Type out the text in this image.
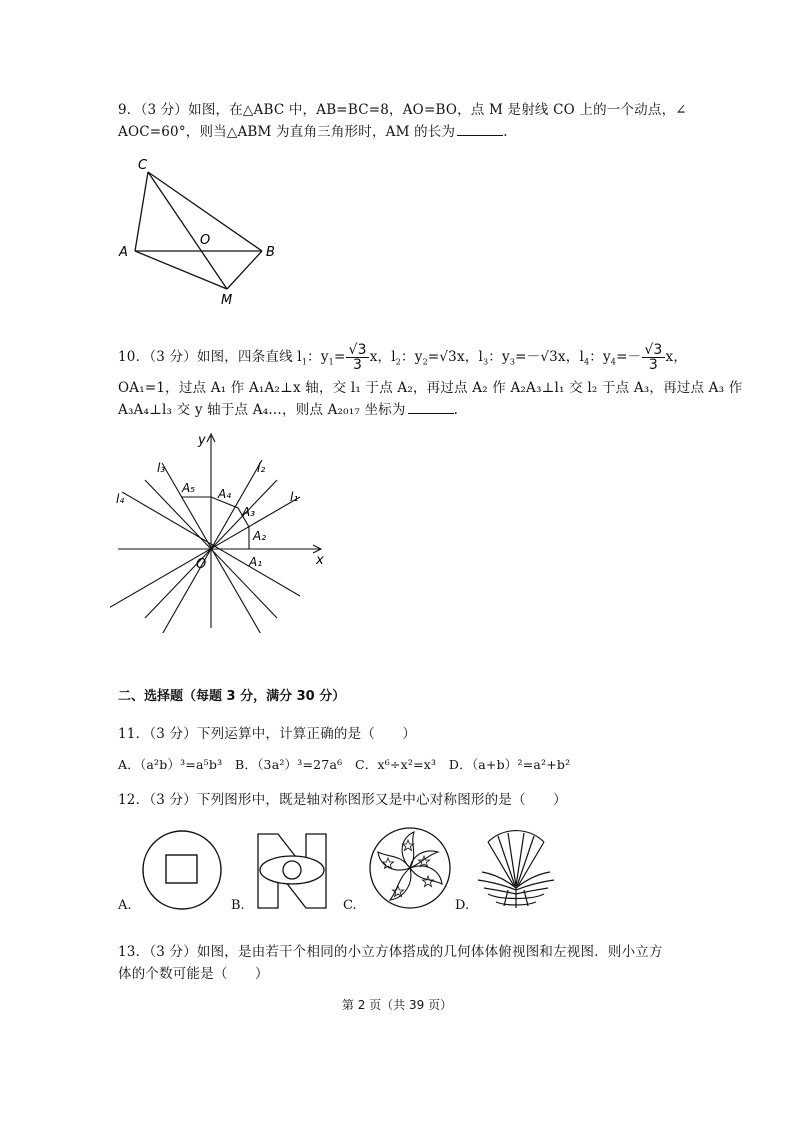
9．（3 分）如图，在△ABC 中，AB=BC=8，AO=BO，点 M 是射线 CO 上的一个动点，∠
AOC=60°，则当△ABM 为直角三角形时，AM 的长为	.
C
A
O
B
M
10．（3 分）如图，四条直线 $l_1$：$y_1= \frac{√3}{3}$ x，$l_2$：$y_2=√3x$，$l_3$：$y_3=-√3x$，$l_4$：$y_4=- \frac{√3}{3}$ x，
OA₁=1，过点 A₁ 作 A₁A₂⊥x 轴，交 l₁ 于点 A₂，再过点 A₂ 作 A₂A₃⊥l₁ 交 l₂ 于点 A₃，再过点 A₃ 作
A₃A₄⊥l₃ 交 y 轴于点 A₄…，则点 A₂₀₁₇ 坐标为	.
y
x
O
l₁
l₂
l₃
l₄
A₁
A₂
A₃
A₄
A₅
二、选择题（每题 3 分，满分 30 分）
11．（3 分）下列运算中，计算正确的是（　　）
A．（a²b）³=a⁵b³　B．（3a²）³=27a⁶　C．x⁶÷x²=x³　D．（a+b）²=a²+b²
12．（3 分）下列图形中，既是轴对称图形又是中心对称图形的是（　　）
A.	B.	C.	D.
13．（3 分）如图，是由若干个相同的小立方体搭成的几何体体俯视图和左视图．则小立方
体的个数可能是（　　）
第 2 页（共 39 页）
